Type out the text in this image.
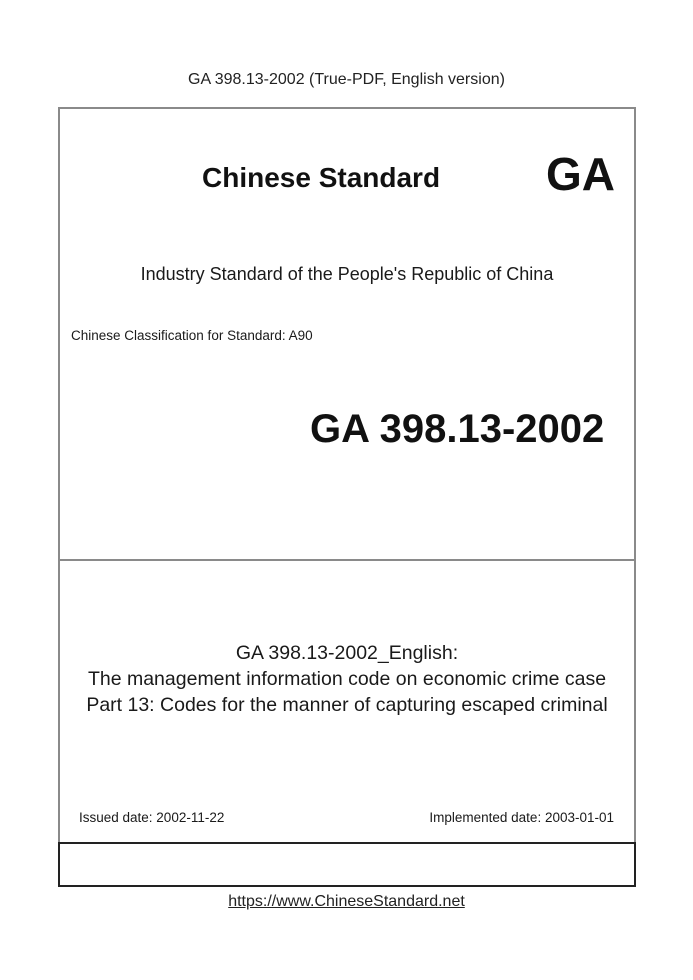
GA 398.13-2002 (True-PDF, English version)
Chinese Standard GA
Industry Standard of the People's Republic of China
Chinese Classification for Standard: A90
GA 398.13-2002
GA 398.13-2002_English:
The management information code on economic crime case
Part 13: Codes for the manner of capturing escaped criminal
Issued date: 2002-11-22	Implemented date: 2003-01-01
https://www.ChineseStandard.net
